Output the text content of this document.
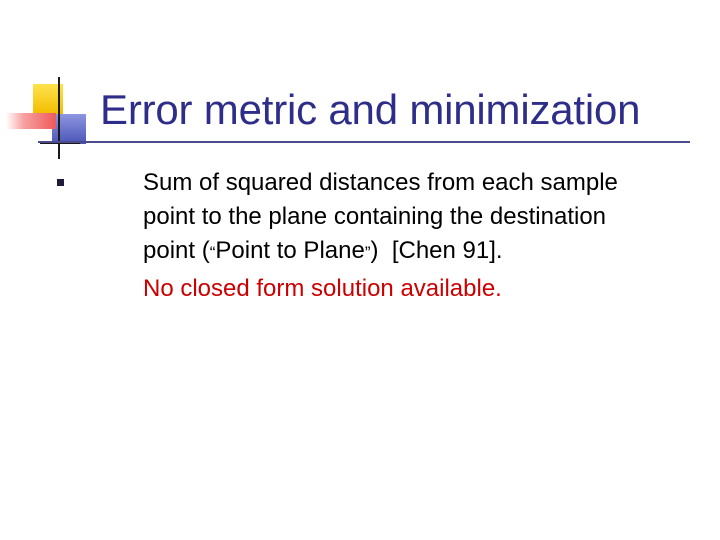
Error metric and minimization
Sum of squared distances from each sample
point to the plane containing the destination
point (“Point to Plane”)  [Chen 91].
No closed form solution available.
